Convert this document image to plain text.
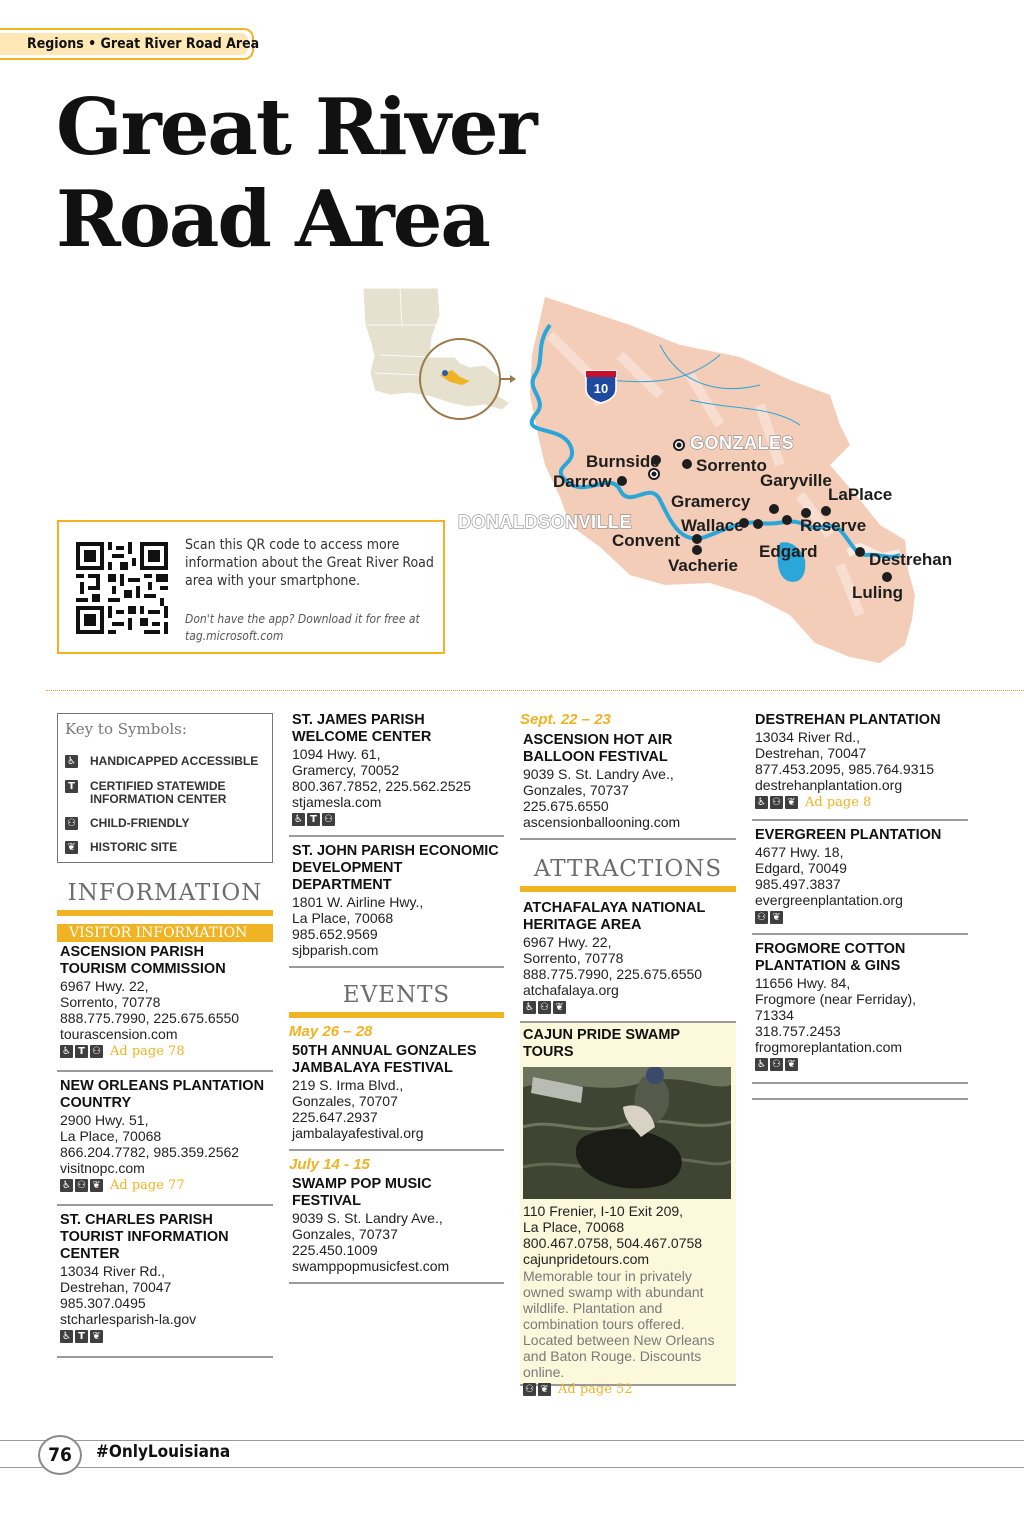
Regions • Great River Road Area
Great River
Road Area
10
GONZALES
Burnside Sorrento
Darrow	Garyville
LaPlace
Gramercy
DONALDSONVILLE	Wallace	Reserve
Convent
Edgard	Destrehan
Vacherie
Luling
Scan this QR code to access more information about the Great River Road area with your smartphone.
Don't have the app? Download it for free at tag.microsoft.com
Key to Symbols:
♿ HANDICAPPED ACCESSIBLE
T CERTIFIED STATEWIDE INFORMATION CENTER
⚇ CHILD-FRIENDLY
❦ HISTORIC SITE
INFORMATION
VISITOR INFORMATION
ASCENSION PARISH TOURISM COMMISSION
6967 Hwy. 22,
Sorrento, 70778
888.775.7990, 225.675.6550
tourascension.com
♿ T ⚇ Ad page 78
NEW ORLEANS PLANTATION COUNTRY
2900 Hwy. 51,
La Place, 70068
866.204.7782, 985.359.2562
visitnopc.com
♿ ⚇ ❦ Ad page 77
ST. CHARLES PARISH TOURIST INFORMATION CENTER
13034 River Rd.,
Destrehan, 70047
985.307.0495
stcharlesparish-la.gov
♿ T ❦
ST. JAMES PARISH WELCOME CENTER
1094 Hwy. 61,
Gramercy, 70052
800.367.7852, 225.562.2525
stjamesla.com
♿ T ⚇
ST. JOHN PARISH ECONOMIC DEVELOPMENT DEPARTMENT
1801 W. Airline Hwy.,
La Place, 70068
985.652.9569
sjbparish.com
EVENTS
May 26 – 28
50TH ANNUAL GONZALES JAMBALAYA FESTIVAL
219 S. Irma Blvd.,
Gonzales, 70707
225.647.2937
jambalayafestival.org
July 14 - 15
SWAMP POP MUSIC FESTIVAL
9039 S. St. Landry Ave.,
Gonzales, 70737
225.450.1009
swamppopmusicfest.com
Sept. 22 – 23
ASCENSION HOT AIR BALLOON FESTIVAL
9039 S. St. Landry Ave.,
Gonzales, 70737
225.675.6550
ascensionballooning.com
ATTRACTIONS
ATCHAFALAYA NATIONAL HERITAGE AREA
6967 Hwy. 22,
Sorrento, 70778
888.775.7990, 225.675.6550
atchafalaya.org
♿ ⚇ ❦
CAJUN PRIDE SWAMP TOURS
110 Frenier, I-10 Exit 209,
La Place, 70068
800.467.0758, 504.467.0758
cajunpridetours.com
Memorable tour in privately owned swamp with abundant wildlife. Plantation and combination tours offered. Located between New Orleans and Baton Rouge. Discounts online.
⚇ ❦ Ad page 52
DESTREHAN PLANTATION
13034 River Rd.,
Destrehan, 70047
877.453.2095, 985.764.9315
destrehanplantation.org
♿ ⚇ ❦ Ad page 8
EVERGREEN PLANTATION
4677 Hwy. 18,
Edgard, 70049
985.497.3837
evergreenplantation.org
⚇ ❦
FROGMORE COTTON PLANTATION & GINS
11656 Hwy. 84,
Frogmore (near Ferriday),
71334
318.757.2453
frogmoreplantation.com
♿ ⚇ ❦
76	#OnlyLouisiana
